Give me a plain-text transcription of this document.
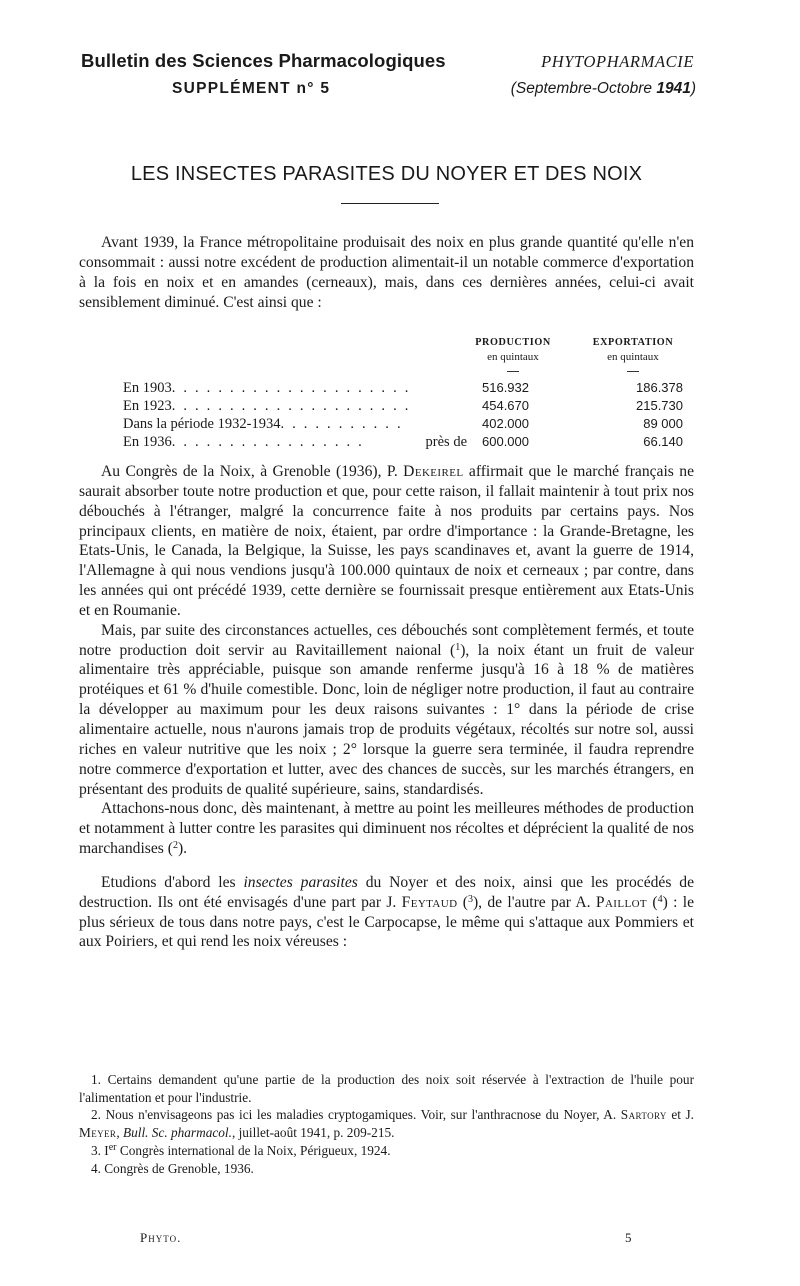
Bulletin des Sciences Pharmacologiques
SUPPLÉMENT n° 5
PHYTOPHARMACIE
(Septembre-Octobre 1941)
LES INSECTES PARASITES DU NOYER ET DES NOIX

Avant 1939, la France métropolitaine produisait des noix en plus grande quantité qu'elle n'en consommait : aussi notre excédent de production alimentait-il un notable commerce d'exportation à la fois en noix et en amandes (cerneaux), mais, dans ces dernières années, celui-ci avait sensiblement diminué. C'est ainsi que :

PRODUCTION
en quintaux
EXPORTATION
en quintaux
En 1903. . . . . . . . . . . . . . . . . . . . .	516.932	186.378
En 1923. . . . . . . . . . . . . . . . . . . . .	454.670	215.730
Dans la période 1932-1934. . . . . . . . . . .	402.000	89 000
En 1936. . . . . . . . . . . . . . . . .	près de 600.000	66.140

Au Congrès de la Noix, à Grenoble (1936), P. Dekeirel affirmait que le marché français ne saurait absorber toute notre production et que, pour cette raison, il fallait maintenir à tout prix nos débouchés à l'étranger, malgré la concurrence faite à nos produits par certains pays. Nos principaux clients, en matière de noix, étaient, par ordre d'importance : la Grande-Bretagne, les Etats-Unis, le Canada, la Belgique, la Suisse, les pays scandinaves et, avant la guerre de 1914, l'Allemagne à qui nous vendions jusqu'à 100.000 quintaux de noix et cerneaux ; par contre, dans les années qui ont précédé 1939, cette dernière se fournissait presque entièrement aux Etats-Unis et en Roumanie.

Mais, par suite des circonstances actuelles, ces débouchés sont complètement fermés, et toute notre production doit servir au Ravitaillement naional ($^1$), la noix étant un fruit de valeur alimentaire très appréciable, puisque son amande renferme jusqu'à 16 à 18 % de matières protéiques et 61 % d'huile comestible. Donc, loin de négliger notre production, il faut au contraire la développer au maximum pour les deux raisons suivantes : 1° dans la période de crise alimentaire actuelle, nous n'aurons jamais trop de produits végétaux, récoltés sur notre sol, aussi riches en valeur nutritive que les noix ; 2° lorsque la guerre sera terminée, il faudra reprendre notre commerce d'exportation et lutter, avec des chances de succès, sur les marchés étrangers, en présentant des produits de qualité supérieure, sains, standardisés.

Attachons-nous donc, dès maintenant, à mettre au point les meilleures méthodes de production et notamment à lutter contre les parasites qui diminuent nos récoltes et déprécient la qualité de nos marchandises ($^2$).

Etudions d'abord les insectes parasites du Noyer et des noix, ainsi que les procédés de destruction. Ils ont été envisagés d'une part par J. Feytaud ($^3$), de l'autre par A. Paillot ($^4$) : le plus sérieux de tous dans notre pays, c'est le Carpocapse, le même qui s'attaque aux Pommiers et aux Poiriers, et qui rend les noix véreuses :

1. Certains demandent qu'une partie de la production des noix soit réservée à l'extraction de l'huile pour l'alimentation et pour l'industrie.

2. Nous n'envisageons pas ici les maladies cryptogamiques. Voir, sur l'anthracnose du Noyer, A. Sartory et J. Meyer, Bull. Sc. pharmacol., juillet-août 1941, p. 209-215.

3. Ier Congrès international de la Noix, Périgueux, 1924.

4. Congrès de Grenoble, 1936.

Phyto.	5
